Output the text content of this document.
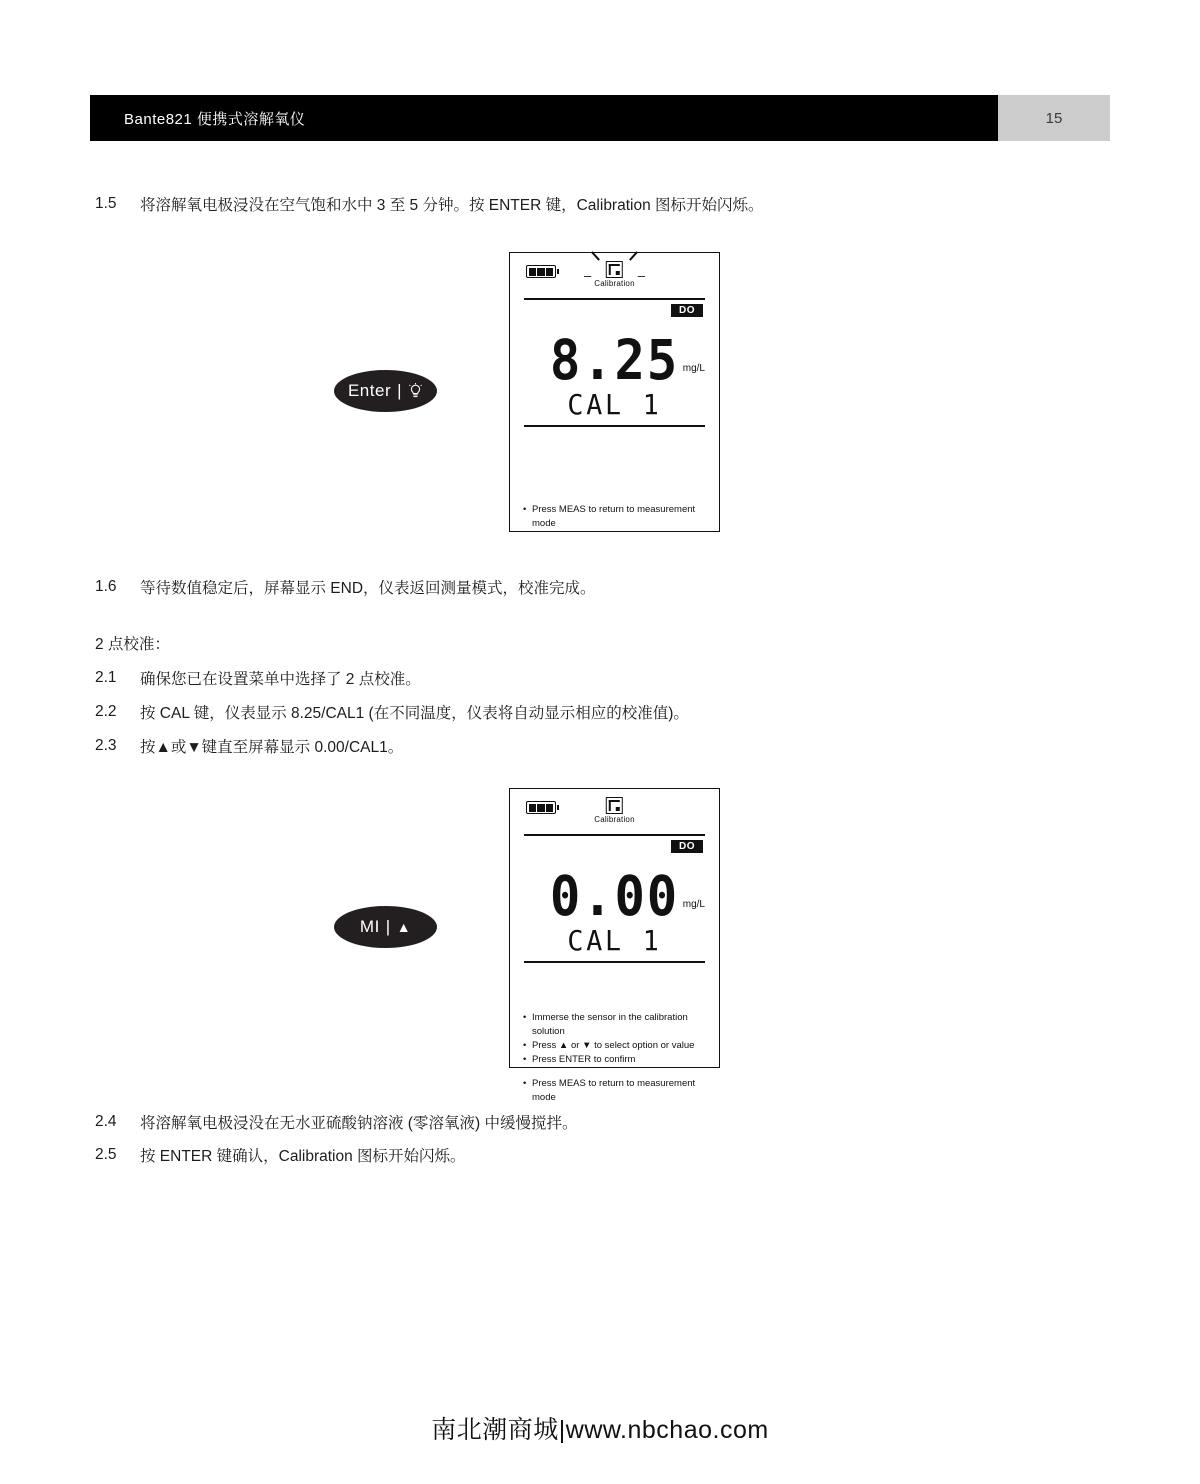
Bante821 便携式溶解氧仪	15
1.5 将溶解氧电极浸没在空气饱和水中 3 至 5 分钟。按 ENTER 键，Calibration 图标开始闪烁。
Enter |
–	–
Calibration
DO
8.25 mg/L
CAL 1
• Press MEAS to return to measurement mode
1.6 等待数值稳定后，屏幕显示 END，仪表返回测量模式，校准完成。
2 点校准：
2.1 确保您已在设置菜单中选择了 2 点校准。
2.2 按 CAL 键，仪表显示 8.25/CAL1 (在不同温度，仪表将自动显示相应的校准值)。
2.3 按▲或▼键直至屏幕显示 0.00/CAL1。
MI | ▲
Calibration
DO
0.00 mg/L
CAL 1
• Immerse the sensor in the calibration solution
• Press ▲ or ▼ to select option or value
• Press ENTER to confirm
• Press MEAS to return to measurement mode
2.4 将溶解氧电极浸没在无水亚硫酸钠溶液 (零溶氧液) 中缓慢搅拌。
2.5 按 ENTER 键确认，Calibration 图标开始闪烁。
南北潮商城|www.nbchao.com
